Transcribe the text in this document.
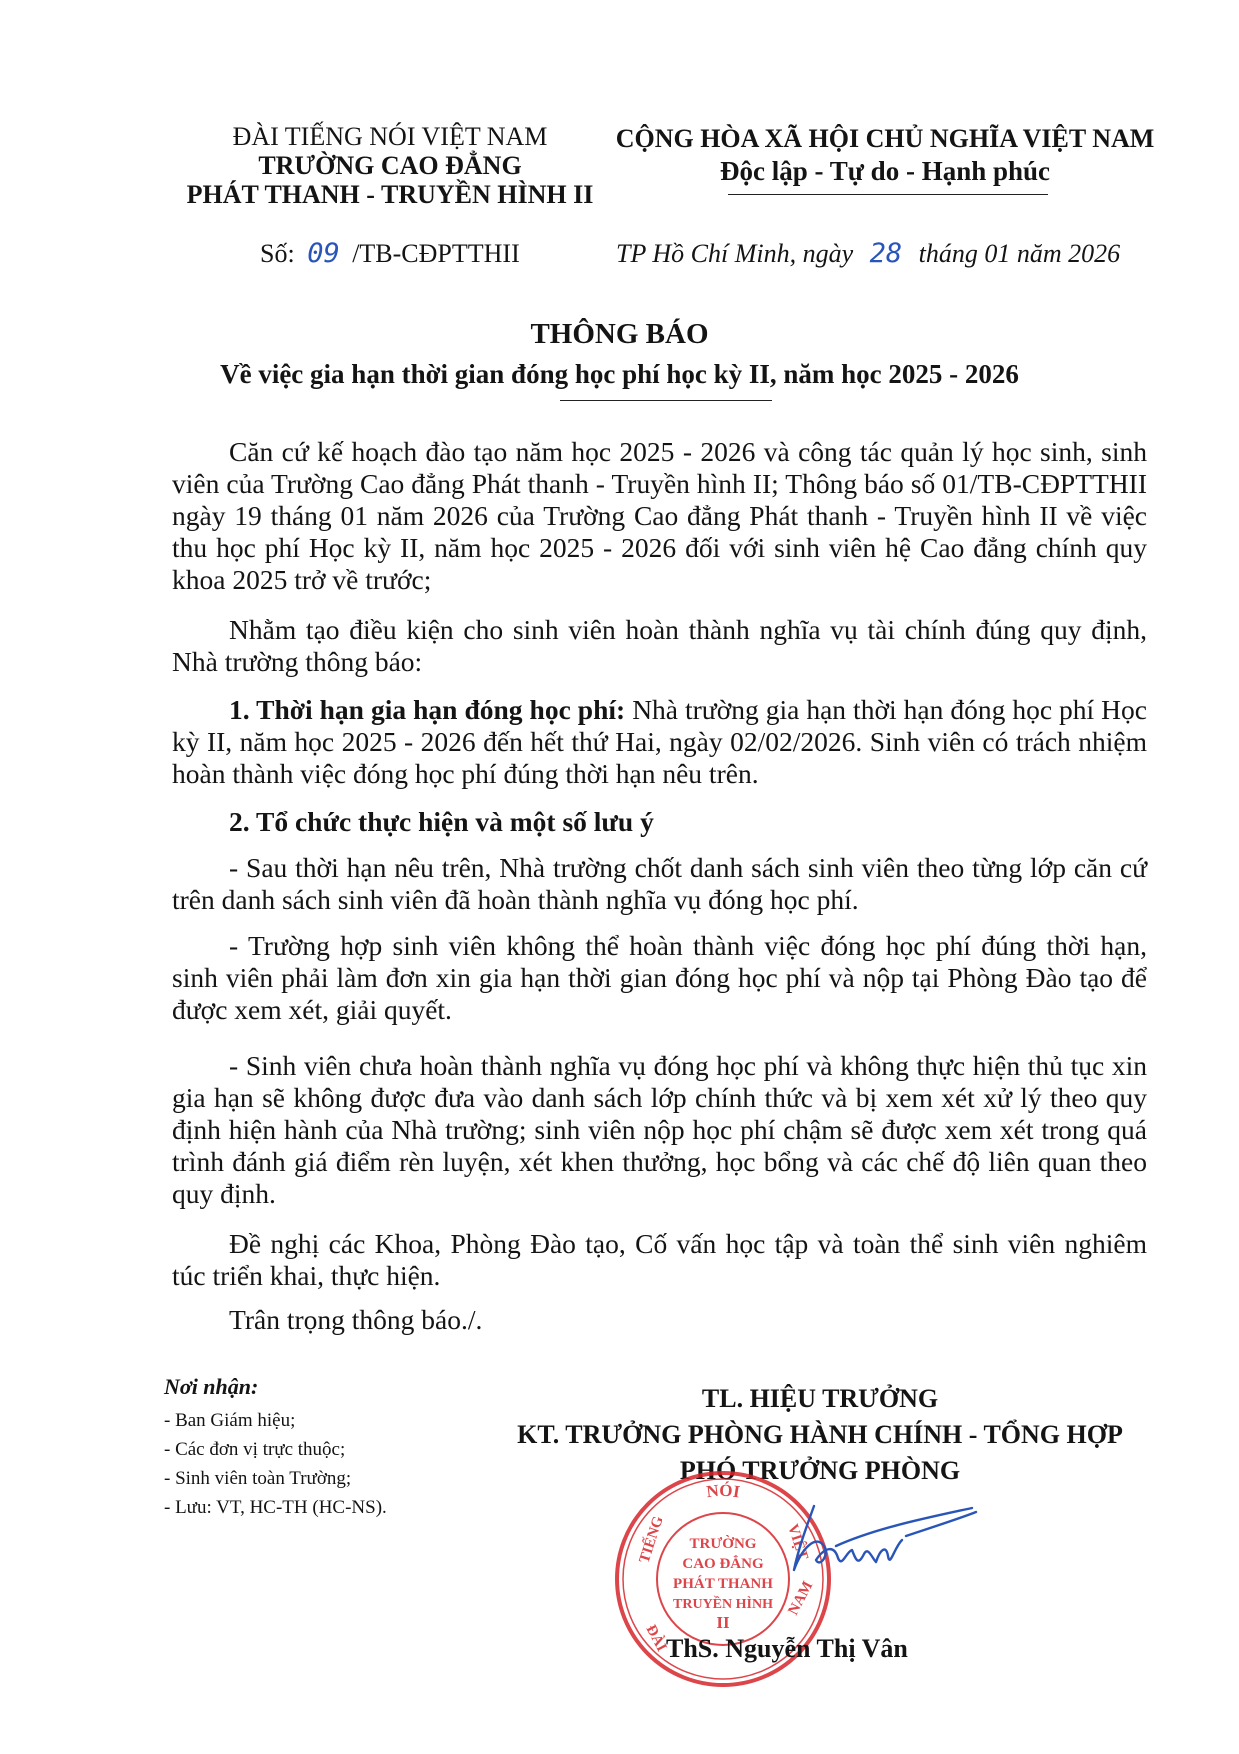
ĐÀI TIẾNG NÓI VIỆT NAM
TRƯỜNG CAO ĐẲNG
PHÁT THANH - TRUYỀN HÌNH II
CỘNG HÒA XÃ HỘI CHỦ NGHĨA VIỆT NAM
Độc lập - Tự do - Hạnh phúc
Số: 09 /TB-CĐPTTHII	TP Hồ Chí Minh, ngày 28 tháng 01 năm 2026
THÔNG BÁO
Về việc gia hạn thời gian đóng học phí học kỳ II, năm học 2025 - 2026

Căn cứ kế hoạch đào tạo năm học 2025 - 2026 và công tác quản lý học sinh, sinh viên của Trường Cao đẳng Phát thanh - Truyền hình II; Thông báo số 01/TB-CĐPTTHII ngày 19 tháng 01 năm 2026 của Trường Cao đẳng Phát thanh - Truyền hình II về việc thu học phí Học kỳ II, năm học 2025 - 2026 đối với sinh viên hệ Cao đẳng chính quy khoa 2025 trở về trước;

Nhằm tạo điều kiện cho sinh viên hoàn thành nghĩa vụ tài chính đúng quy định, Nhà trường thông báo:

1. Thời hạn gia hạn đóng học phí: Nhà trường gia hạn thời hạn đóng học phí Học kỳ II, năm học 2025 - 2026 đến hết thứ Hai, ngày 02/02/2026. Sinh viên có trách nhiệm hoàn thành việc đóng học phí đúng thời hạn nêu trên.

2. Tổ chức thực hiện và một số lưu ý

- Sau thời hạn nêu trên, Nhà trường chốt danh sách sinh viên theo từng lớp căn cứ trên danh sách sinh viên đã hoàn thành nghĩa vụ đóng học phí.

- Trường hợp sinh viên không thể hoàn thành việc đóng học phí đúng thời hạn, sinh viên phải làm đơn xin gia hạn thời gian đóng học phí và nộp tại Phòng Đào tạo để được xem xét, giải quyết.

- Sinh viên chưa hoàn thành nghĩa vụ đóng học phí và không thực hiện thủ tục xin gia hạn sẽ không được đưa vào danh sách lớp chính thức và bị xem xét xử lý theo quy định hiện hành của Nhà trường; sinh viên nộp học phí chậm sẽ được xem xét trong quá trình đánh giá điểm rèn luyện, xét khen thưởng, học bổng và các chế độ liên quan theo quy định.

Đề nghị các Khoa, Phòng Đào tạo, Cố vấn học tập và toàn thể sinh viên nghiêm túc triển khai, thực hiện.

Trân trọng thông báo./.

Nơi nhận:
- Ban Giám hiệu;
- Các đơn vị trực thuộc;
- Sinh viên toàn Trường;
- Lưu: VT, HC-TH (HC-NS).
TL. HIỆU TRƯỞNG
KT. TRƯỞNG PHÒNG HÀNH CHÍNH - TỔNG HỢP
PHÓ TRƯỞNG PHÒNG
NÓI
TIẾNG	VIỆT
ĐÀI
NAM
TRƯỜNG
CAO ĐẲNG
PHÁT THANH
TRUYỀN HÌNH
II
ThS. Nguyễn Thị Vân
